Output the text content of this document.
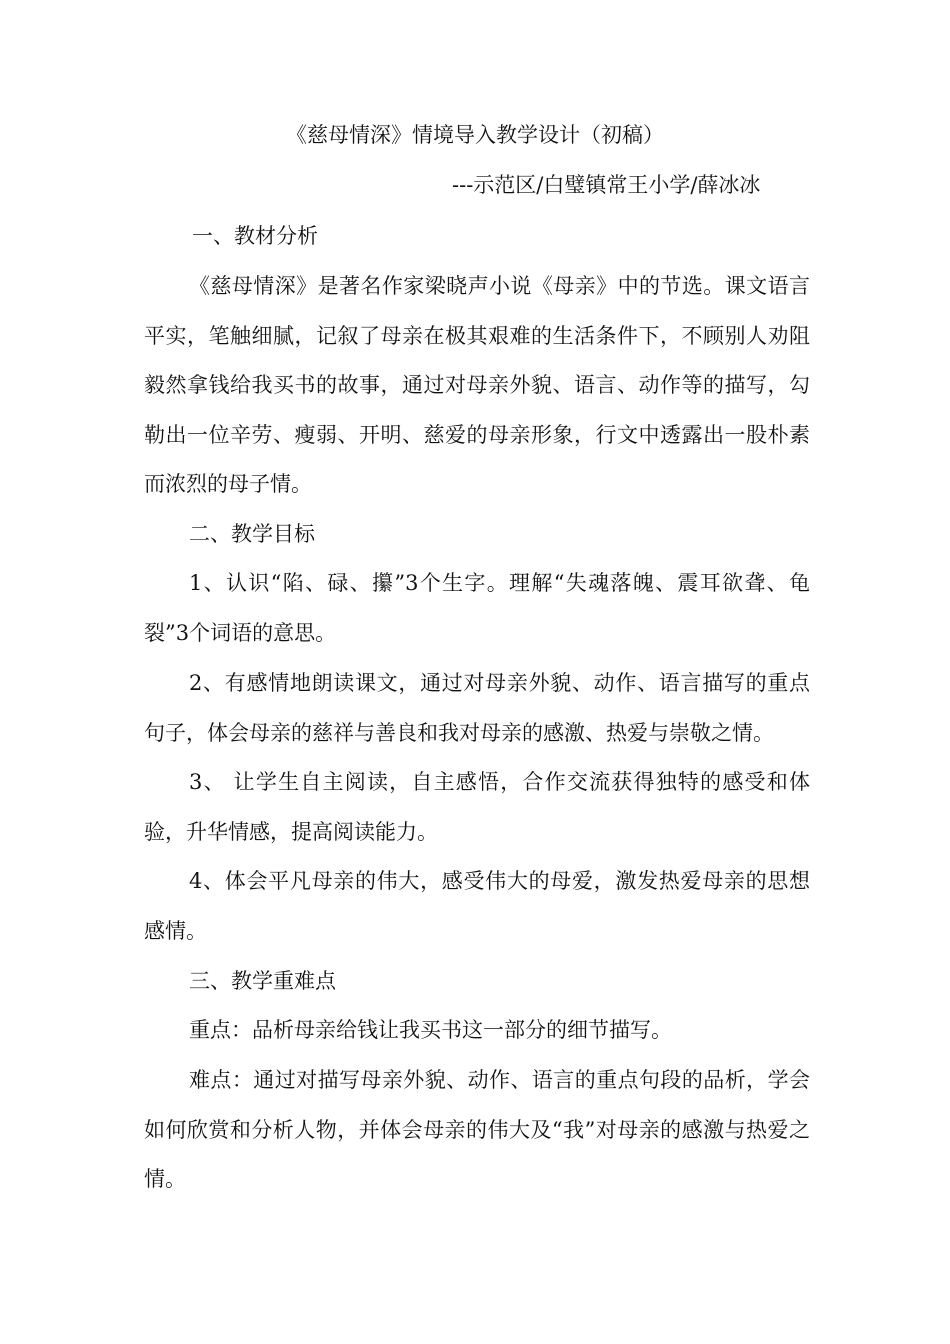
《慈母情深》情境导入教学设计（初稿）
---示范区/白璧镇常王小学/薛冰冰
一、教材分析
《慈母情深》是著名作家梁晓声小说《母亲》中的节选。课文语言平实，笔触细腻，记叙了母亲在极其艰难的生活条件下，不顾别人劝阻毅然拿钱给我买书的故事，通过对母亲外貌、语言、动作等的描写，勾勒出一位辛劳、瘦弱、开明、慈爱的母亲形象，行文中透露出一股朴素而浓烈的母子情。
二、教学目标
1、认识“陷、碌、攥”3个生字。理解“失魂落魄、震耳欲聋、龟裂”3个词语的意思。
2、有感情地朗读课文，通过对母亲外貌、动作、语言描写的重点句子，体会母亲的慈祥与善良和我对母亲的感激、热爱与崇敬之情。
3、 让学生自主阅读，自主感悟，合作交流获得独特的感受和体验，升华情感，提高阅读能力。
4、体会平凡母亲的伟大，感受伟大的母爱，激发热爱母亲的思想感情。
三、教学重难点
重点：品析母亲给钱让我买书这一部分的细节描写。
难点：通过对描写母亲外貌、动作、语言的重点句段的品析，学会如何欣赏和分析人物，并体会母亲的伟大及“我”对母亲的感激与热爱之情。
